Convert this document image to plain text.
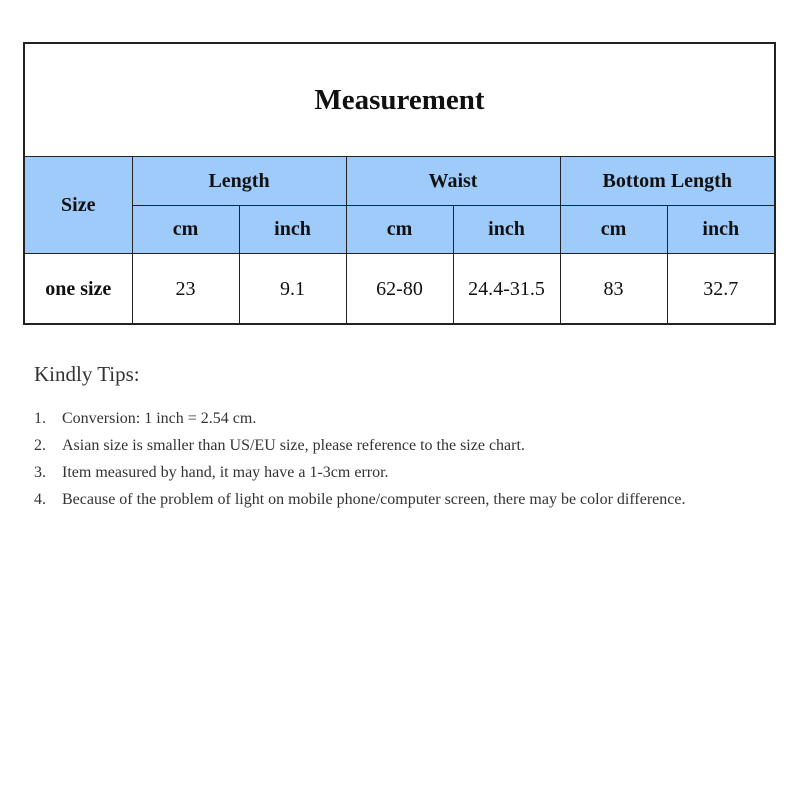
Measurement						
Size	Length		Waist		Bottom Length	
	cm	inch	cm	inch	cm	inch
one size	23	9.1	62-80	24.4-31.5	83	32.7
Kindly Tips:
1.	Conversion: 1 inch = 2.54 cm.
2.	Asian size is smaller than US/EU size, please reference to the size chart.
3.	Item measured by hand, it may have a 1-3cm error.
4.	Because of the problem of light on mobile phone/computer screen, there may be color difference.
